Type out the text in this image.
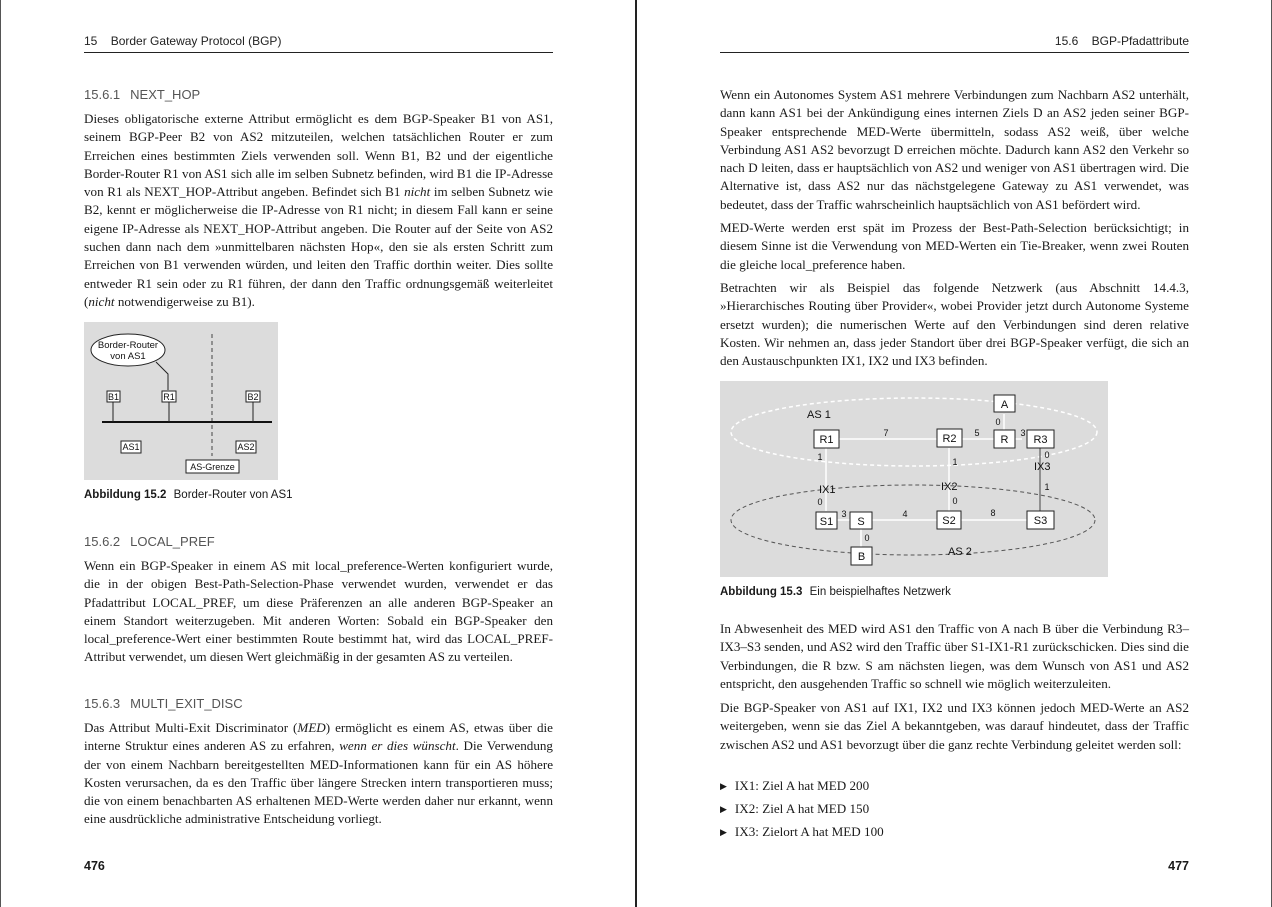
15 Border Gateway Protocol (BGP)
15.6.1 NEXT_HOP
Dieses obligatorische externe Attribut ermöglicht es dem BGP-Speaker B1 von AS1, seinem BGP-Peer B2 von AS2 mitzuteilen, welchen tatsächlichen Router er zum Erreichen eines bestimmten Ziels verwenden soll. Wenn B1, B2 und der eigentliche Border-Router R1 von AS1 sich alle im selben Subnetz befinden, wird B1 die IP-Adresse von R1 als NEXT_HOP-Attribut angeben. Befindet sich B1 nicht im selben Subnetz wie B2, kennt er möglicherweise die IP-Adresse von R1 nicht; in diesem Fall kann er seine eigene IP-Adresse als NEXT_HOP-Attribut angeben. Die Router auf der Seite von AS2 suchen dann nach dem »unmittelbaren nächsten Hop«, den sie als ersten Schritt zum Erreichen von B1 verwenden würden, und leiten den Traffic dorthin weiter. Dies sollte entweder R1 sein oder zu R1 führen, der dann den Traffic ordnungsgemäß weiterleitet (nicht notwendigerweise zu B1).
Border-Router
von AS1
B1	R1	B2
AS1	AS2
AS-Grenze
Abbildung 15.2 Border-Router von AS1
15.6.2 LOCAL_PREF
Wenn ein BGP-Speaker in einem AS mit local_preference-Werten konfiguriert wurde, die in der obigen Best-Path-Selection-Phase verwendet wurden, verwendet er das Pfadattribut LOCAL_PREF, um diese Präferenzen an alle anderen BGP-Speaker an einem Standort weiterzugeben. Mit anderen Worten: Sobald ein BGP-Speaker den local_preference-Wert einer bestimmten Route bestimmt hat, wird das LOCAL_PREF-Attribut verwendet, um diesen Wert gleichmäßig in der gesamten AS zu verteilen.
15.6.3 MULTI_EXIT_DISC
Das Attribut Multi-Exit Discriminator (MED) ermöglicht es einem AS, etwas über die interne Struktur eines anderen AS zu erfahren, wenn er dies wünscht. Die Verwendung der von einem Nachbarn bereitgestellten MED-Informationen kann für ein AS höhere Kosten verursachen, da es den Traffic über längere Strecken intern transportieren muss; die von einem benachbarten AS erhaltenen MED-Werte werden daher nur erkannt, wenn eine ausdrückliche administrative Entscheidung vorliegt.
476
15.6 BGP-Pfadattribute
Wenn ein Autonomes System AS1 mehrere Verbindungen zum Nachbarn AS2 unterhält, dann kann AS1 bei der Ankündigung eines internen Ziels D an AS2 jeden seiner BGP-Speaker entsprechende MED-Werte übermitteln, sodass AS2 weiß, über welche Verbindung AS1 AS2 bevorzugt D erreichen möchte. Dadurch kann AS2 den Verkehr so nach D leiten, dass er hauptsächlich von AS2 und weniger von AS1 übertragen wird. Die Alternative ist, dass AS2 nur das nächstgelegene Gateway zu AS1 verwendet, was bedeutet, dass der Traffic wahrscheinlich hauptsächlich von AS1 befördert wird.
MED-Werte werden erst spät im Prozess der Best-Path-Selection berücksichtigt; in diesem Sinne ist die Verwendung von MED-Werten ein Tie-Breaker, wenn zwei Routen die gleiche local_preference haben.
Betrachten wir als Beispiel das folgende Netzwerk (aus Abschnitt 14.4.3, »Hierarchisches Routing über Provider«, wobei Provider jetzt durch Autonome Systeme ersetzt wurden); die numerischen Werte auf den Verbindungen sind deren relative Kosten. Wir nehmen an, dass jeder Standort über drei BGP-Speaker verfügt, die sich an den Austauschpunkten IX1, IX2 und IX3 befinden.
A
R1	R2	R R3
S1 S	S2	S3
B
AS 1
AS 2
IX1	IX2
IX3
7	5	3
0
1	1
1
0	0
0
3	4	8
0
Abbildung 15.3 Ein beispielhaftes Netzwerk
In Abwesenheit des MED wird AS1 den Traffic von A nach B über die Verbindung R3–IX3–S3 senden, und AS2 wird den Traffic über S1-IX1-R1 zurückschicken. Dies sind die Verbindungen, die R bzw. S am nächsten liegen, was dem Wunsch von AS1 und AS2 entspricht, den ausgehenden Traffic so schnell wie möglich weiterzuleiten.
Die BGP-Speaker von AS1 auf IX1, IX2 und IX3 können jedoch MED-Werte an AS2 weitergeben, wenn sie das Ziel A bekanntgeben, was darauf hindeutet, dass der Traffic zwischen AS2 und AS1 bevorzugt über die ganz rechte Verbindung geleitet werden soll:
▶ IX1: Ziel A hat MED 200
▶ IX2: Ziel A hat MED 150
▶ IX3: Zielort A hat MED 100
477
